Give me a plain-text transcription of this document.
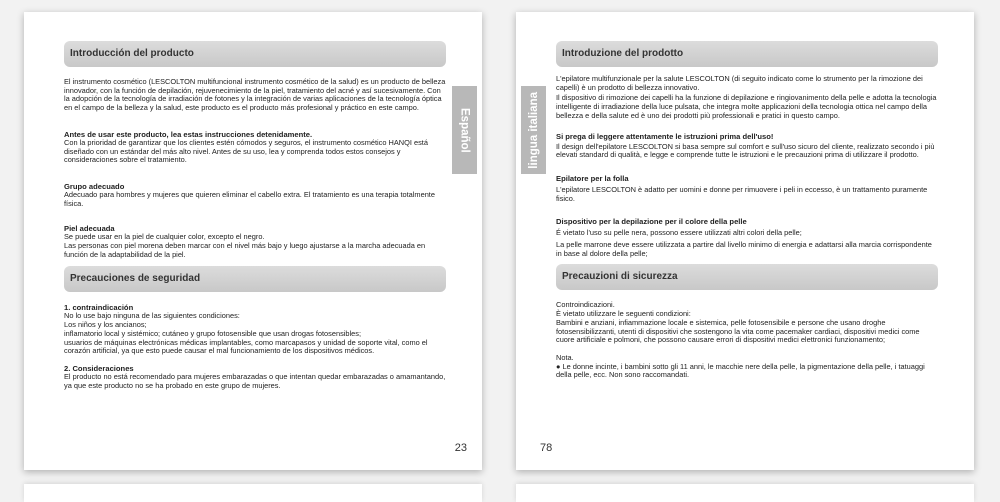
Español
Introducción del producto

El instrumento cosmético (LESCOLTON multifuncional instrumento cosmético de la salud) es un producto de belleza innovador, con la función de depilación, rejuvenecimiento de la piel, tratamiento del acné y así sucesivamente. Con la adopción de la tecnología de irradiación de fotones y la integración de varias aplicaciones de la tecnología óptica en el campo de la belleza y la salud, este producto es el producto más profesional y práctico en este campo.

Antes de usar este producto, lea estas instrucciones detenidamente.

Con la prioridad de garantizar que los clientes estén cómodos y seguros, el instrumento cosmético HANQI está diseñado con un estándar del más alto nivel. Antes de su uso, lea y comprenda todos estos consejos y consideraciones sobre el tratamiento.

Grupo adecuado

Adecuado para hombres y mujeres que quieren eliminar el cabello extra. El tratamiento es una terapia totalmente física.

Piel adecuada

Se puede usar en la piel de cualquier color, excepto el negro.

Las personas con piel morena deben marcar con el nivel más bajo y luego ajustarse a la marcha adecuada en función de la adaptabilidad de la piel.

Precauciones de seguridad

1. contraindicación

No lo use bajo ninguna de las siguientes condiciones:

Los niños y los ancianos;

inflamatorio local y sistémico; cutáneo y grupo fotosensible que usan drogas fotosensibles;

usuarios de máquinas electrónicas médicas implantables, como marcapasos y unidad de soporte vital, como el corazón artificial, ya que esto puede causar el mal funcionamiento de los dispositivos médicos.

2. Consideraciones

El producto no está recomendado para mujeres embarazadas o que intentan quedar embarazadas o amamantando, ya que este producto no se ha probado en este grupo de mujeres.

23
lingua italiana
Introduzione del prodotto

L'epilatore multifunzionale per la salute LESCOLTON (di seguito indicato come lo strumento per la rimozione dei capelli) è un prodotto di bellezza innovativo.

Il dispositivo di rimozione dei capelli ha la funzione di depilazione e ringiovanimento della pelle e adotta la tecnologia intelligente di irradiazione della luce pulsata, che integra molte applicazioni della tecnologia ottica nel campo della bellezza e della salute ed è uno dei prodotti più professionali e pratici in questo campo.

Si prega di leggere attentamente le istruzioni prima dell'uso!

Il design dell'epilatore LESCOLTON si basa sempre sul comfort e sull'uso sicuro del cliente, realizzato secondo i più elevati standard di qualità, e legge e comprende tutte le istruzioni e le precauzioni prima di utilizzare il prodotto.

Epilatore per la folla

L'epilatore LESCOLTON è adatto per uomini e donne per rimuovere i peli in eccesso, è un trattamento puramente fisico.

Dispositivo per la depilazione per il colore della pelle

É vietato l'uso su pelle nera, possono essere utilizzati altri colori della pelle;

La pelle marrone deve essere utilizzata a partire dal livello minimo di energia e adattarsi alla marcia corrispondente in base al dolore della pelle;

Precauzioni di sicurezza

Controindicazioni.

È vietato utilizzare le seguenti condizioni:

Bambini e anziani, infiammazione locale e sistemica, pelle fotosensibile e persone che usano droghe fotosensibilizzanti, utenti di dispositivi che sostengono la vita come pacemaker cardiaci, dispositivi medici come cuore artificiale e polmoni, che possono causare errori di dispositivi medici elettronici funzionamento;

Nota.

● Le donne incinte, i bambini sotto gli 11 anni, le macchie nere della pelle, la pigmentazione della pelle, i tatuaggi della pelle, ecc. Non sono raccomandati.

78
